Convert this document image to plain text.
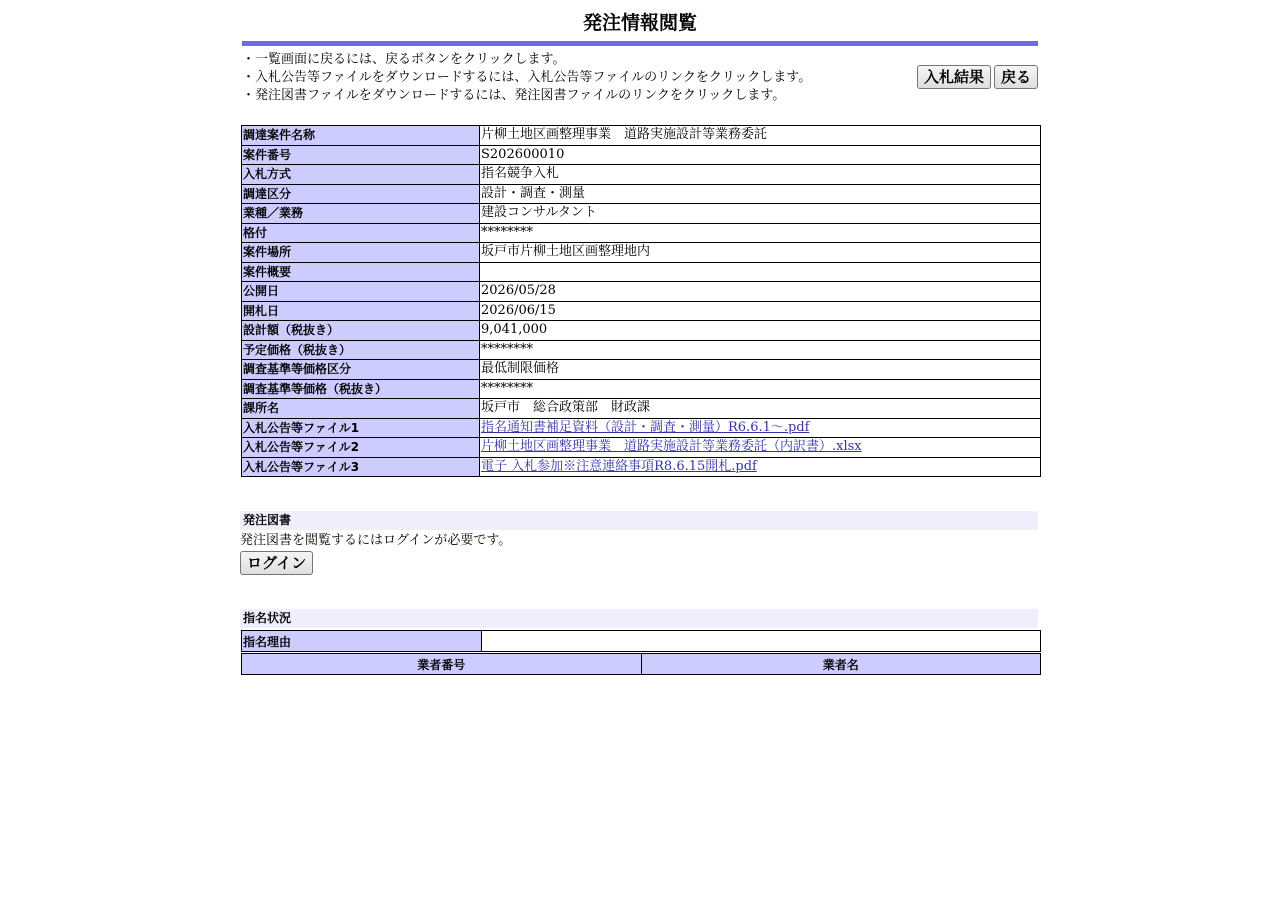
発注情報閲覧
・一覧画面に戻るには、戻るボタンをクリックします。
・入札公告等ファイルをダウンロードするには、入札公告等ファイルのリンクをクリックします。
・発注図書ファイルをダウンロードするには、発注図書ファイルのリンクをクリックします。
入札結果	戻る
調達案件名称	片柳土地区画整理事業　道路実施設計等業務委託
案件番号	S202600010
入札方式	指名競争入札
調達区分	設計・調査・測量
業種／業務	建設コンサルタント
格付	********
案件場所	坂戸市片柳土地区画整理地内
案件概要	
公開日	2026/05/28
開札日	2026/06/15
設計額（税抜き）	9,041,000
予定価格（税抜き）	********
調査基準等価格区分	最低制限価格
調査基準等価格（税抜き）	********
課所名	坂戸市　総合政策部　財政課
入札公告等ファイル1	指名通知書補足資料（設計・調査・測量）R6.6.1～.pdf
入札公告等ファイル2	片柳土地区画整理事業　道路実施設計等業務委託（内訳書）.xlsx
入札公告等ファイル3	電子 入札参加※注意連絡事項R8.6.15開札.pdf
発注図書
発注図書を閲覧するにはログインが必要です。
ログイン
指名状況
指名理由	
業者番号	業者名
